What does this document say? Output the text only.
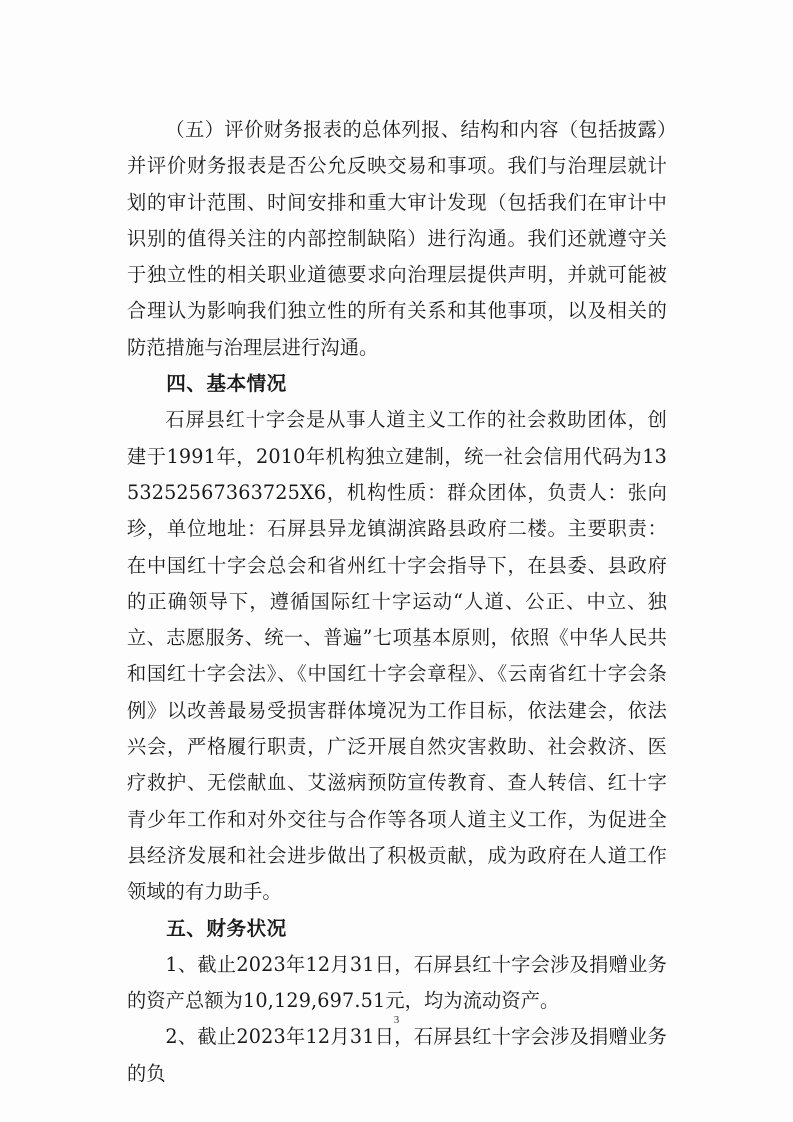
（五）评价财务报表的总体列报、结构和内容（包括披露）并评价财务报表是否公允反映交易和事项。我们与治理层就计划的审计范围、时间安排和重大审计发现（包括我们在审计中识别的值得关注的内部控制缺陷）进行沟通。我们还就遵守关于独立性的相关职业道德要求向治理层提供声明，并就可能被合理认为影响我们独立性的所有关系和其他事项，以及相关的防范措施与治理层进行沟通。

四、基本情况

石屏县红十字会是从事人道主义工作的社会救助团体，创建于1991年，2010年机构独立建制，统一社会信用代码为1353252567363725X6，机构性质：群众团体，负责人：张向珍，单位地址：石屏县异龙镇湖滨路县政府二楼。主要职责：在中国红十字会总会和省州红十字会指导下，在县委、县政府的正确领导下，遵循国际红十字运动“人道、公正、中立、独立、志愿服务、统一、普遍”七项基本原则，依照《中华人民共和国红十字会法》、《中国红十字会章程》、《云南省红十字会条例》以改善最易受损害群体境况为工作目标，依法建会，依法兴会，严格履行职责，广泛开展自然灾害救助、社会救济、医疗救护、无偿献血、艾滋病预防宣传教育、查人转信、红十字青少年工作和对外交往与合作等各项人道主义工作，为促进全县经济发展和社会进步做出了积极贡献，成为政府在人道工作领域的有力助手。

五、财务状况

1、截止2023年12月31日，石屏县红十字会涉及捐赠业务的资产总额为10,129,697.51元，均为流动资产。

2、截止2023年12月31日，石屏县红十字会涉及捐赠业务的负

3
